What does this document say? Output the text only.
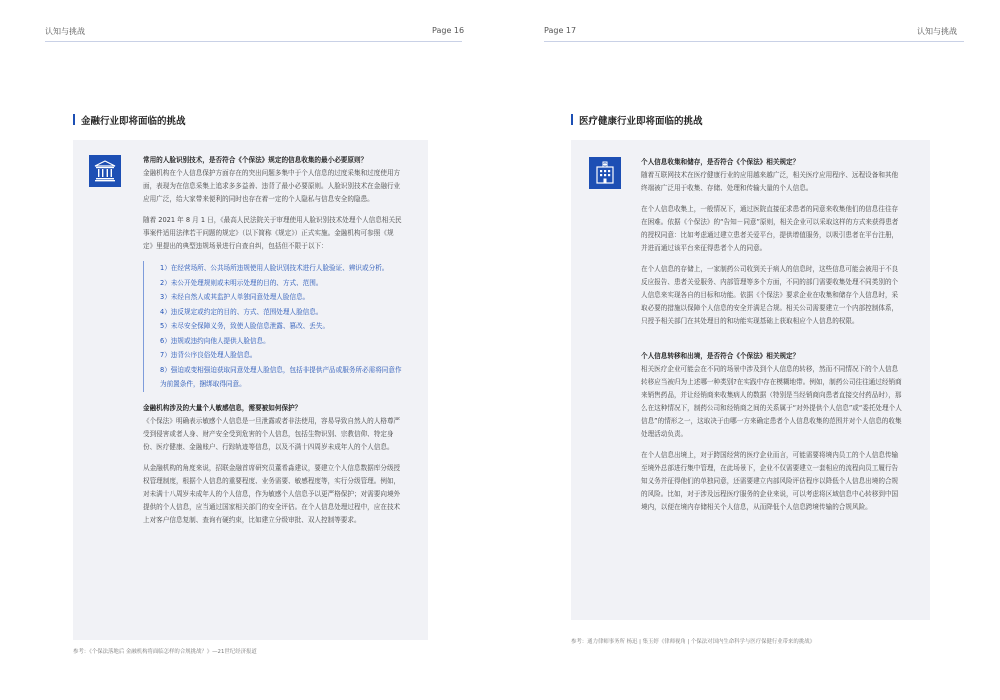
认知与挑战	Page 16
金融行业即将面临的挑战
常用的人脸识别技术，是否符合《个保法》规定的信息收集的最小必要原则？

金融机构在个人信息保护方面存在的突出问题多集中于个人信息的过度采集和过度使用方面，表现为在信息采集上追求多多益善、违背了最小必要原则。人脸识别技术在金融行业应用广泛，给大家带来便利的同时也存在着一定的个人隐私与信息安全的隐患。

随着 2021 年 8 月 1 日，《最高人民法院关于审理使用人脸识别技术处理个人信息相关民事案件适用法律若干问题的规定》（以下简称《规定》）正式实施。金融机构可参照《规定》里提出的典型违规场景进行自查自纠，包括但不限于以下：

1）在经营场所、公共场所违规使用人脸识别技术进行人脸验证、辨识或分析。
2）未公开处理规则或未明示处理的目的、方式、范围。
3）未经自然人或其监护人单独同意处理人脸信息。
4）违反规定或约定的目的、方式、范围处理人脸信息。
5）未尽安全保障义务，致使人脸信息泄露、篡改、丢失。
6）违规或违约向他人提供人脸信息。
7）违背公序良俗处理人脸信息。
8）强迫或变相强迫获取同意处理人脸信息，包括非提供产品或服务所必需将同意作为前置条件，捆绑取得同意。
金融机构涉及的大量个人敏感信息，需要被如何保护？

《个保法》明确表示敏感个人信息是一旦泄露或者非法使用，容易导致自然人的人格尊严受到侵害或者人身、财产安全受到危害的个人信息，包括生物识别、宗教信仰、特定身份、医疗健康、金融账户、行踪轨迹等信息，以及不满十四周岁未成年人的个人信息。

从金融机构的角度来说，招联金融首席研究员董希淼建议，要建立个人信息数据库分级授权管理制度，根据个人信息的重要程度、业务需要、敏感程度等，实行分级管理。例如，对未满十八周岁未成年人的个人信息，作为敏感个人信息予以更严格保护；对需要向境外提供的个人信息，应当通过国家相关部门的安全评估。在个人信息处理过程中，应在技术上对客户信息复制、查询有硬约束，比如建立分级审批、双人控制等要求。

参考：《个保法落地后 金融机构将面临怎样的合规挑战？》—21世纪经济报道
Page 17	认知与挑战
医疗健康行业即将面临的挑战
个人信息收集和储存，是否符合《个保法》相关规定？

随着互联网技术在医疗健康行业的应用越来越广泛，相关医疗应用程序、远程设备和其他终端被广泛用于收集、存储、处理和传输大量的个人信息。

在个人信息收集上，一般情况下，通过医院直接征求患者的同意来收集他们的信息往往存在困难。依据《个保法》的“告知－同意”原则，相关企业可以采取这样的方式来获得患者的授权同意：比如考虑通过建立患者关爱平台，提供增值服务，以吸引患者在平台注册，并进而通过该平台来征得患者个人的同意。

在个人信息的存储上，一家制药公司收到关于病人的信息时，这些信息可能会被用于不良反应报告、患者关爱服务、内部管理等多个方面，不同的部门需要收集处理不同类别的个人信息来实现各自的目标和功能。依据《个保法》要求企业在收集和储存个人信息时，采取必要的措施以保障个人信息的安全并满足合规。相关公司需要建立一个内部控制体系，只授予相关部门在其处理目的和功能实现基础上获取相应个人信息的权限。

个人信息转移和出境，是否符合《个保法》相关规定？

相关医疗企业可能会在不同的场景中涉及到个人信息的转移，然而不同情况下的个人信息转移应当被归为上述哪一种类别?在实践中存在模糊地带。例如，制药公司往往通过经销商来销售药品，并让经销商来收集病人的数据（特别是当经销商向患者直接交付药品时），那么在这种情况下，制药公司和经销商之间的关系属于“对外提供个人信息”或“委托处理个人信息”的情形之一，这取决于由哪一方来确定患者个人信息收集的范围并对个人信息的收集处理活动负责。

在个人信息出境上，对于跨国经营的医疗企业而言，可能需要将境内员工的个人信息传输至境外总部进行集中管理，在此场景下，企业不仅需要建立一套相应的流程向员工履行告知义务并征得他们的单独同意，还需要建立内部风险评估程序以降低个人信息出境的合规的风险。比如，对于涉及远程医疗服务的企业来说，可以考虑将区域信息中心转移到中国境内，以便在境内存储相关个人信息，从而降低个人信息跨境传输的合规风险。

参考：通力律师事务所 杨迅 | 集玉婷《律师视角 | 个保法对国内生命科学与医疗保健行业带来的挑战》
